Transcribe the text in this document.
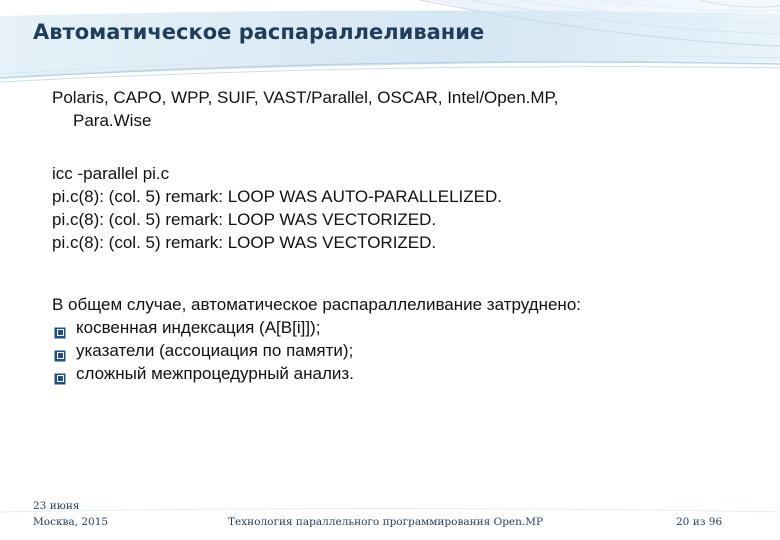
Автоматическое распараллеливание
Polaris, CAPO, WPP, SUIF, VAST/Parallel, OSCAR, Intel/Open.MP,
Para.Wise
icc -parallel pi.c
pi.c(8): (col. 5) remark: LOOP WAS AUTO-PARALLELIZED.
pi.c(8): (col. 5) remark: LOOP WAS VECTORIZED.
pi.c(8): (col. 5) remark: LOOP WAS VECTORIZED.
В общем случае, автоматическое распараллеливание затруднено:
косвенная индексация (A[B[i]]);
указатели (ассоциация по памяти);
сложный межпроцедурный анализ.
23 июня
Москва, 2015	Технология параллельного программирования Open.MP	20 из 96
